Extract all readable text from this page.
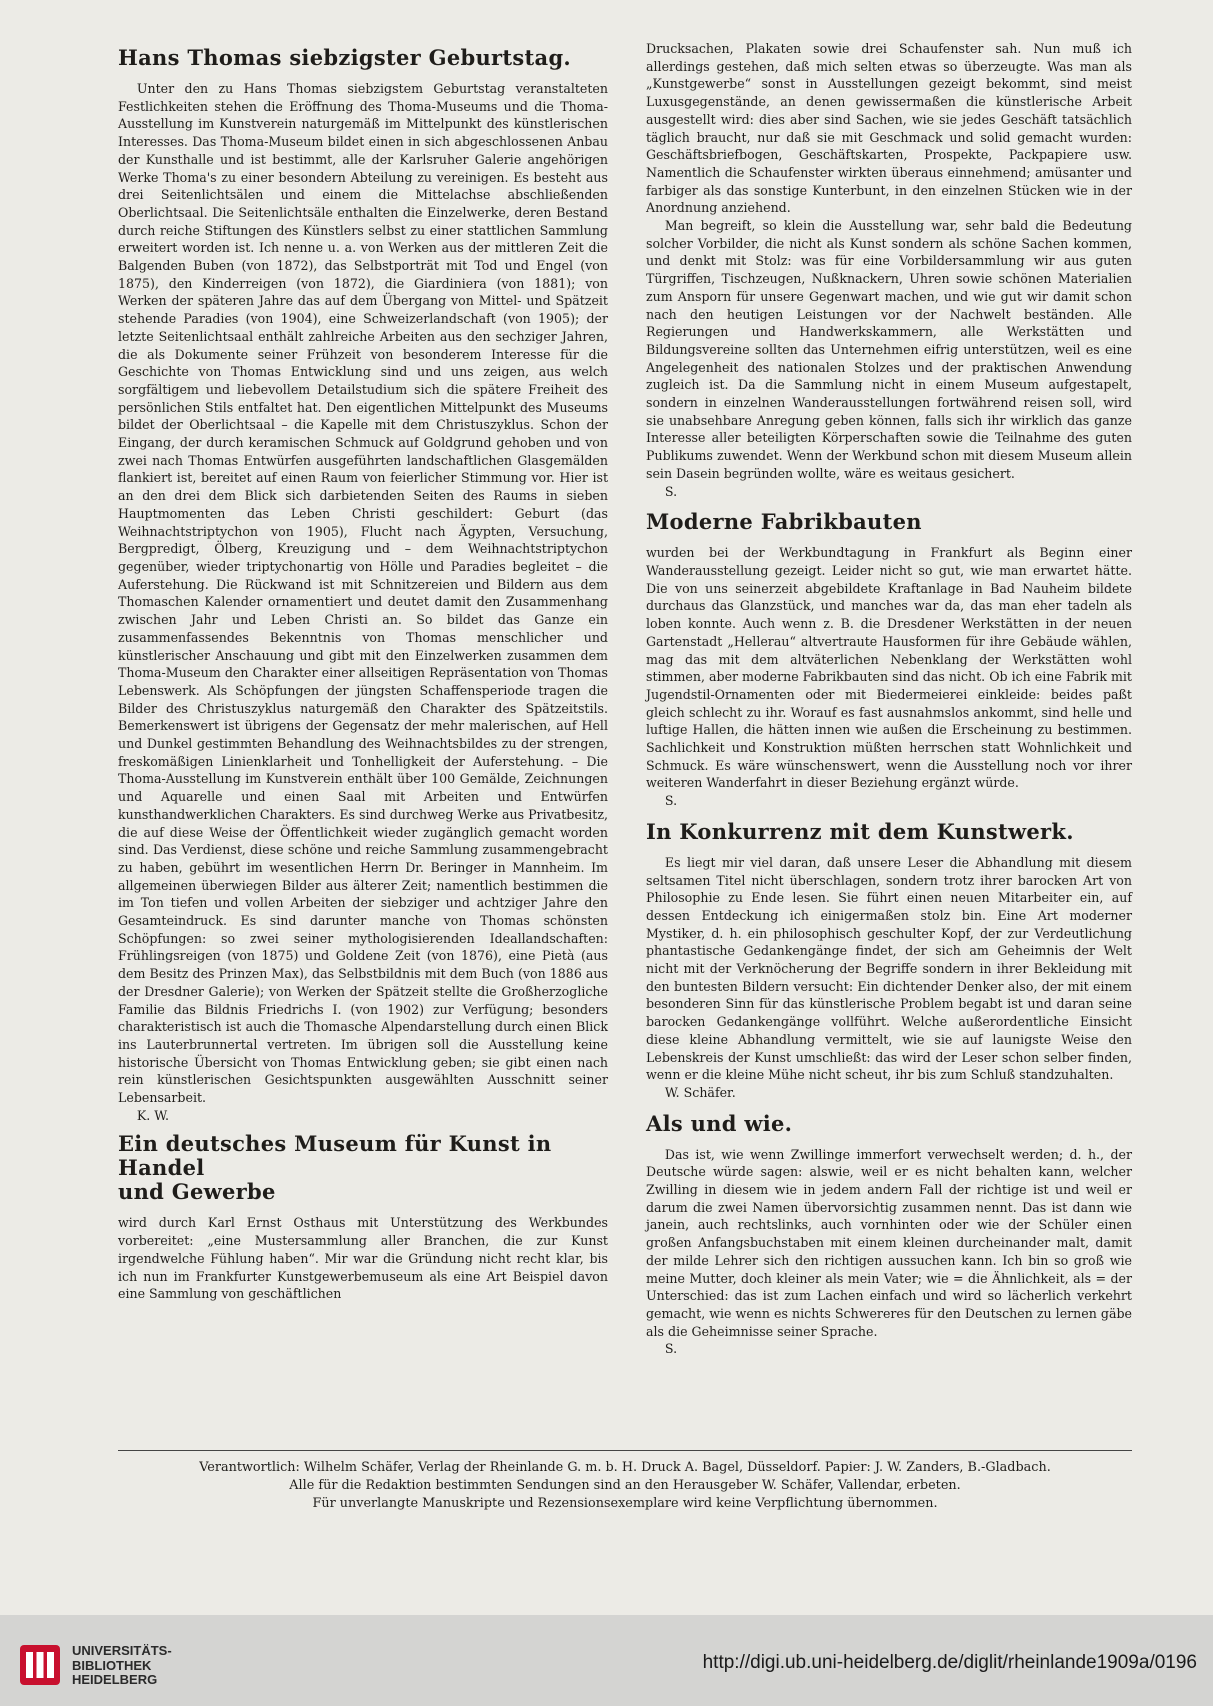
Hans Thomas siebzigster Geburtstag.

Unter den zu Hans Thomas siebzigstem Geburtstag veranstalteten Festlichkeiten stehen die Eröffnung des Thoma-Museums und die Thoma-Ausstellung im Kunstverein naturgemäß im Mittelpunkt des künstlerischen Interesses. Das Thoma-Museum bildet einen in sich abgeschlossenen Anbau der Kunsthalle und ist bestimmt, alle der Karlsruher Galerie angehörigen Werke Thoma's zu einer besondern Abteilung zu vereinigen. Es besteht aus drei Seitenlichtsälen und einem die Mittelachse abschließenden Oberlichtsaal. Die Seitenlichtsäle enthalten die Einzelwerke, deren Bestand durch reiche Stiftungen des Künstlers selbst zu einer stattlichen Sammlung erweitert worden ist. Ich nenne u. a. von Werken aus der mittleren Zeit die Balgenden Buben (von 1872), das Selbstporträt mit Tod und Engel (von 1875), den Kinderreigen (von 1872), die Giardiniera (von 1881); von Werken der späteren Jahre das auf dem Übergang von Mittel- und Spätzeit stehende Paradies (von 1904), eine Schweizerlandschaft (von 1905); der letzte Seitenlichtsaal enthält zahlreiche Arbeiten aus den sechziger Jahren, die als Dokumente seiner Frühzeit von besonderem Interesse für die Geschichte von Thomas Entwicklung sind und uns zeigen, aus welch sorgfältigem und liebevollem Detailstudium sich die spätere Freiheit des persönlichen Stils entfaltet hat. Den eigentlichen Mittelpunkt des Museums bildet der Oberlichtsaal – die Kapelle mit dem Christuszyklus. Schon der Eingang, der durch keramischen Schmuck auf Goldgrund gehoben und von zwei nach Thomas Entwürfen ausgeführten landschaftlichen Glasgemälden flankiert ist, bereitet auf einen Raum von feierlicher Stimmung vor. Hier ist an den drei dem Blick sich darbietenden Seiten des Raums in sieben Hauptmomenten das Leben Christi geschildert: Geburt (das Weihnachtstriptychon von 1905), Flucht nach Ägypten, Versuchung, Bergpredigt, Ölberg, Kreuzigung und – dem Weihnachtstriptychon gegenüber, wieder triptychonartig von Hölle und Paradies begleitet – die Auferstehung. Die Rückwand ist mit Schnitzereien und Bildern aus dem Thomaschen Kalender ornamentiert und deutet damit den Zusammenhang zwischen Jahr und Leben Christi an. So bildet das Ganze ein zusammenfassendes Bekenntnis von Thomas menschlicher und künstlerischer Anschauung und gibt mit den Einzelwerken zusammen dem Thoma-Museum den Charakter einer allseitigen Repräsentation von Thomas Lebenswerk. Als Schöpfungen der jüngsten Schaffensperiode tragen die Bilder des Christuszyklus naturgemäß den Charakter des Spätzeitstils. Bemerkenswert ist übrigens der Gegensatz der mehr malerischen, auf Hell und Dunkel gestimmten Behandlung des Weihnachtsbildes zu der strengen, freskomäßigen Linienklarheit und Tonhelligkeit der Auferstehung. – Die Thoma-Ausstellung im Kunstverein enthält über 100 Gemälde, Zeichnungen und Aquarelle und einen Saal mit Arbeiten und Entwürfen kunsthandwerklichen Charakters. Es sind durchweg Werke aus Privatbesitz, die auf diese Weise der Öffentlichkeit wieder zugänglich gemacht worden sind. Das Verdienst, diese schöne und reiche Sammlung zusammengebracht zu haben, gebührt im wesentlichen Herrn Dr. Beringer in Mannheim. Im allgemeinen überwiegen Bilder aus älterer Zeit; namentlich bestimmen die im Ton tiefen und vollen Arbeiten der siebziger und achtziger Jahre den Gesamteindruck. Es sind darunter manche von Thomas schönsten Schöpfungen: so zwei seiner mythologisierenden Ideallandschaften: Frühlingsreigen (von 1875) und Goldene Zeit (von 1876), eine Pietà (aus dem Besitz des Prinzen Max), das Selbstbildnis mit dem Buch (von 1886 aus der Dresdner Galerie); von Werken der Spätzeit stellte die Großherzogliche Familie das Bildnis Friedrichs I. (von 1902) zur Verfügung; besonders charakteristisch ist auch die Thomasche Alpendarstellung durch einen Blick ins Lauterbrunnertal vertreten. Im übrigen soll die Ausstellung keine historische Übersicht von Thomas Entwicklung geben; sie gibt einen nach rein künstlerischen Gesichtspunkten ausgewählten Ausschnitt seiner Lebensarbeit.

K. W.

Ein deutsches Museum für Kunst in Handel
und Gewerbe

wird durch Karl Ernst Osthaus mit Unterstützung des Werkbundes vorbereitet: „eine Mustersammlung aller Branchen, die zur Kunst irgendwelche Fühlung haben“. Mir war die Gründung nicht recht klar, bis ich nun im Frankfurter Kunstgewerbemuseum als eine Art Beispiel davon eine Sammlung von geschäftlichen

Drucksachen, Plakaten sowie drei Schaufenster sah. Nun muß ich allerdings gestehen, daß mich selten etwas so überzeugte. Was man als „Kunstgewerbe“ sonst in Ausstellungen gezeigt bekommt, sind meist Luxusgegenstände, an denen gewissermaßen die künstlerische Arbeit ausgestellt wird: dies aber sind Sachen, wie sie jedes Geschäft tatsächlich täglich braucht, nur daß sie mit Geschmack und solid gemacht wurden: Geschäftsbriefbogen, Geschäftskarten, Prospekte, Packpapiere usw. Namentlich die Schaufenster wirkten überaus einnehmend; amüsanter und farbiger als das sonstige Kunterbunt, in den einzelnen Stücken wie in der Anordnung anziehend.

Man begreift, so klein die Ausstellung war, sehr bald die Bedeutung solcher Vorbilder, die nicht als Kunst sondern als schöne Sachen kommen, und denkt mit Stolz: was für eine Vorbildersammlung wir aus guten Türgriffen, Tischzeugen, Nußknackern, Uhren sowie schönen Materialien zum Ansporn für unsere Gegenwart machen, und wie gut wir damit schon nach den heutigen Leistungen vor der Nachwelt beständen. Alle Regierungen und Handwerkskammern, alle Werkstätten und Bildungsvereine sollten das Unternehmen eifrig unterstützen, weil es eine Angelegenheit des nationalen Stolzes und der praktischen Anwendung zugleich ist. Da die Sammlung nicht in einem Museum aufgestapelt, sondern in einzelnen Wanderausstellungen fortwährend reisen soll, wird sie unabsehbare Anregung geben können, falls sich ihr wirklich das ganze Interesse aller beteiligten Körperschaften sowie die Teilnahme des guten Publikums zuwendet. Wenn der Werkbund schon mit diesem Museum allein sein Dasein begründen wollte, wäre es weitaus gesichert.

S.

Moderne Fabrikbauten

wurden bei der Werkbundtagung in Frankfurt als Beginn einer Wanderausstellung gezeigt. Leider nicht so gut, wie man erwartet hätte. Die von uns seinerzeit abgebildete Kraftanlage in Bad Nauheim bildete durchaus das Glanzstück, und manches war da, das man eher tadeln als loben konnte. Auch wenn z. B. die Dresdener Werkstätten in der neuen Gartenstadt „Hellerau“ altvertraute Hausformen für ihre Gebäude wählen, mag das mit dem altväterlichen Nebenklang der Werkstätten wohl stimmen, aber moderne Fabrikbauten sind das nicht. Ob ich eine Fabrik mit Jugendstil-Ornamenten oder mit Biedermeierei einkleide: beides paßt gleich schlecht zu ihr. Worauf es fast ausnahmslos ankommt, sind helle und luftige Hallen, die hätten innen wie außen die Erscheinung zu bestimmen. Sachlichkeit und Konstruktion müßten herrschen statt Wohnlichkeit und Schmuck. Es wäre wünschenswert, wenn die Ausstellung noch vor ihrer weiteren Wanderfahrt in dieser Beziehung ergänzt würde.

S.

In Konkurrenz mit dem Kunstwerk.

Es liegt mir viel daran, daß unsere Leser die Abhandlung mit diesem seltsamen Titel nicht überschlagen, sondern trotz ihrer barocken Art von Philosophie zu Ende lesen. Sie führt einen neuen Mitarbeiter ein, auf dessen Entdeckung ich einigermaßen stolz bin. Eine Art moderner Mystiker, d. h. ein philosophisch geschulter Kopf, der zur Verdeutlichung phantastische Gedankengänge findet, der sich am Geheimnis der Welt nicht mit der Verknöcherung der Begriffe sondern in ihrer Bekleidung mit den buntesten Bildern versucht: Ein dichtender Denker also, der mit einem besonderen Sinn für das künstlerische Problem begabt ist und daran seine barocken Gedankengänge vollführt. Welche außerordentliche Einsicht diese kleine Abhandlung vermittelt, wie sie auf launigste Weise den Lebenskreis der Kunst umschließt: das wird der Leser schon selber finden, wenn er die kleine Mühe nicht scheut, ihr bis zum Schluß standzuhalten.

W. Schäfer.

Als und wie.

Das ist, wie wenn Zwillinge immerfort verwechselt werden; d. h., der Deutsche würde sagen: alswie, weil er es nicht behalten kann, welcher Zwilling in diesem wie in jedem andern Fall der richtige ist und weil er darum die zwei Namen übervorsichtig zusammen nennt. Das ist dann wie janein, auch rechtslinks, auch vornhinten oder wie der Schüler einen großen Anfangsbuchstaben mit einem kleinen durcheinander malt, damit der milde Lehrer sich den richtigen aussuchen kann. Ich bin so groß wie meine Mutter, doch kleiner als mein Vater; wie = die Ähnlichkeit, als = der Unterschied: das ist zum Lachen einfach und wird so lächerlich verkehrt gemacht, wie wenn es nichts Schwereres für den Deutschen zu lernen gäbe als die Geheimnisse seiner Sprache.

S.

Verantwortlich: Wilhelm Schäfer, Verlag der Rheinlande G. m. b. H. Druck A. Bagel, Düsseldorf. Papier: J. W. Zanders, B.-Gladbach.
Alle für die Redaktion bestimmten Sendungen sind an den Herausgeber W. Schäfer, Vallendar, erbeten.
Für unverlangte Manuskripte und Rezensionsexemplare wird keine Verpflichtung übernommen.
UNIVERSITÄTS-
BIBLIOTHEK
HEIDELBERG
http://digi.ub.uni-heidelberg.de/diglit/rheinlande1909a/0196
